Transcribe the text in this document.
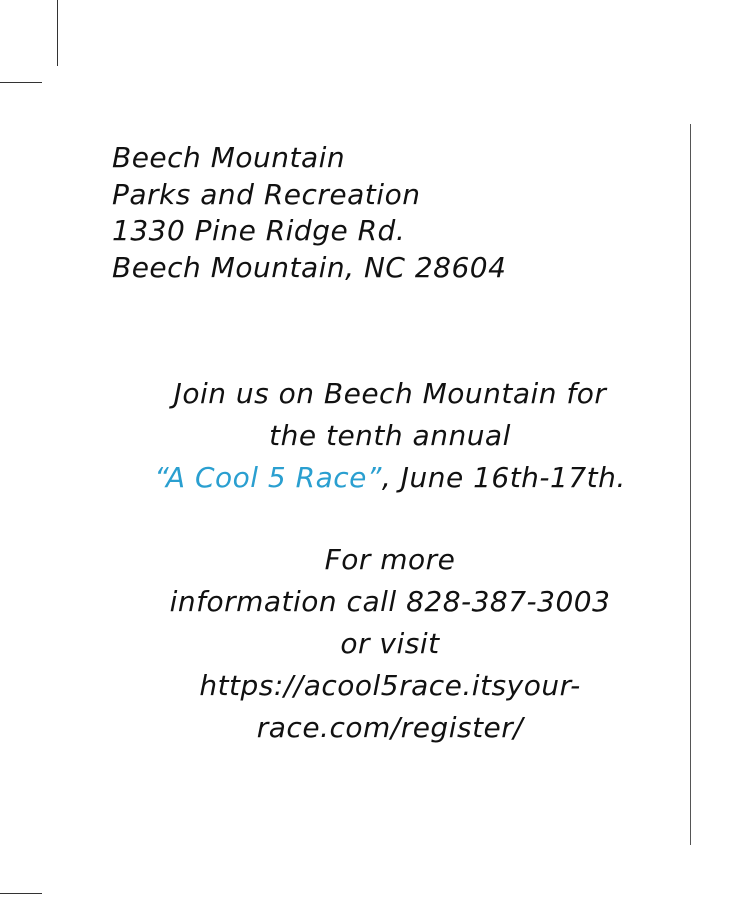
Beech Mountain
Parks and Recreation
1330 Pine Ridge Rd.
Beech Mountain, NC 28604
Join us on Beech Mountain for
the tenth annual
“A Cool 5 Race”, June 16th-17th.
For more
information call 828-387-3003
or visit
https://acool5race.itsyour-
race.com/register/
